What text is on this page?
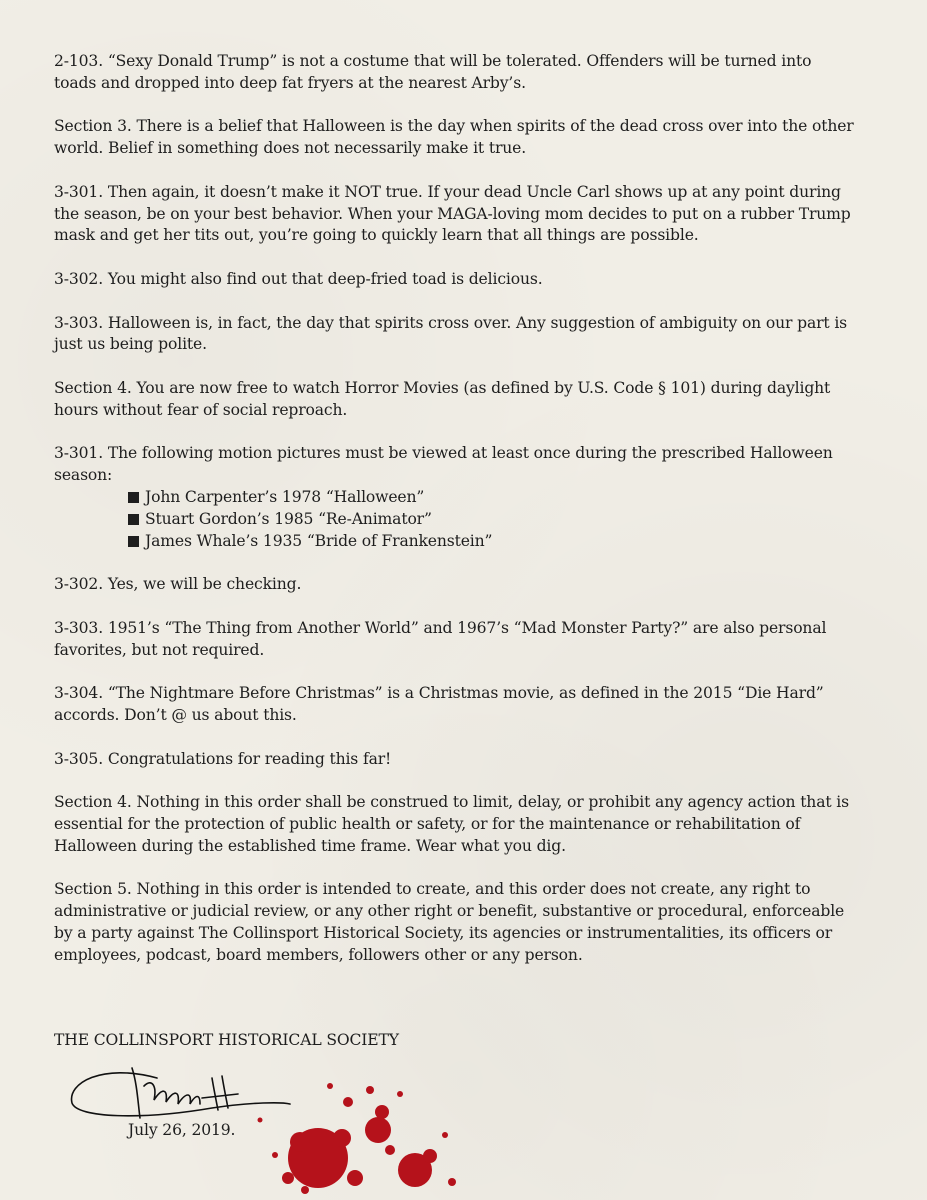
2-103. “Sexy Donald Trump” is not a costume that will be tolerated. Offenders will be turned into toads and dropped into deep fat fryers at the nearest Arby’s.

Section 3. There is a belief that Halloween is the day when spirits of the dead cross over into the other world. Belief in something does not necessarily make it true.

3-301. Then again, it doesn’t make it NOT true. If your dead Uncle Carl shows up at any point during the season, be on your best behavior. When your MAGA-loving mom decides to put on a rubber Trump mask and get her tits out, you’re going to quickly learn that all things are possible.

3-302. You might also find out that deep-fried toad is delicious.

3-303. Halloween is, in fact, the day that spirits cross over. Any suggestion of ambiguity on our part is just us being polite.

Section 4. You are now free to watch Horror Movies (as defined by U.S. Code § 101) during daylight hours without fear of social reproach.

3-301. The following motion pictures must be viewed at least once during the prescribed Halloween season:

John Carpenter’s 1978 “Halloween”
Stuart Gordon’s 1985 “Re-Animator”
James Whale’s 1935 “Bride of Frankenstein”

3-302. Yes, we will be checking.

3-303. 1951’s “The Thing from Another World” and 1967’s “Mad Monster Party?” are also personal favorites, but not required.

3-304. “The Nightmare Before Christmas” is a Christmas movie, as defined in the 2015 “Die Hard” accords. Don’t @ us about this.

3-305. Congratulations for reading this far!

Section 4. Nothing in this order shall be construed to limit, delay, or prohibit any agency action that is essential for the protection of public health or safety, or for the maintenance or rehabilitation of Halloween during the established time frame. Wear what you dig.

Section 5. Nothing in this order is intended to create, and this order does not create, any right to administrative or judicial review, or any other right or benefit, substantive or procedural, enforceable by a party against The Collinsport Historical Society, its agencies or instrumentalities, its officers or employees, podcast, board members, followers other or any person.

THE COLLINSPORT HISTORICAL SOCIETY
July 26, 2019.
